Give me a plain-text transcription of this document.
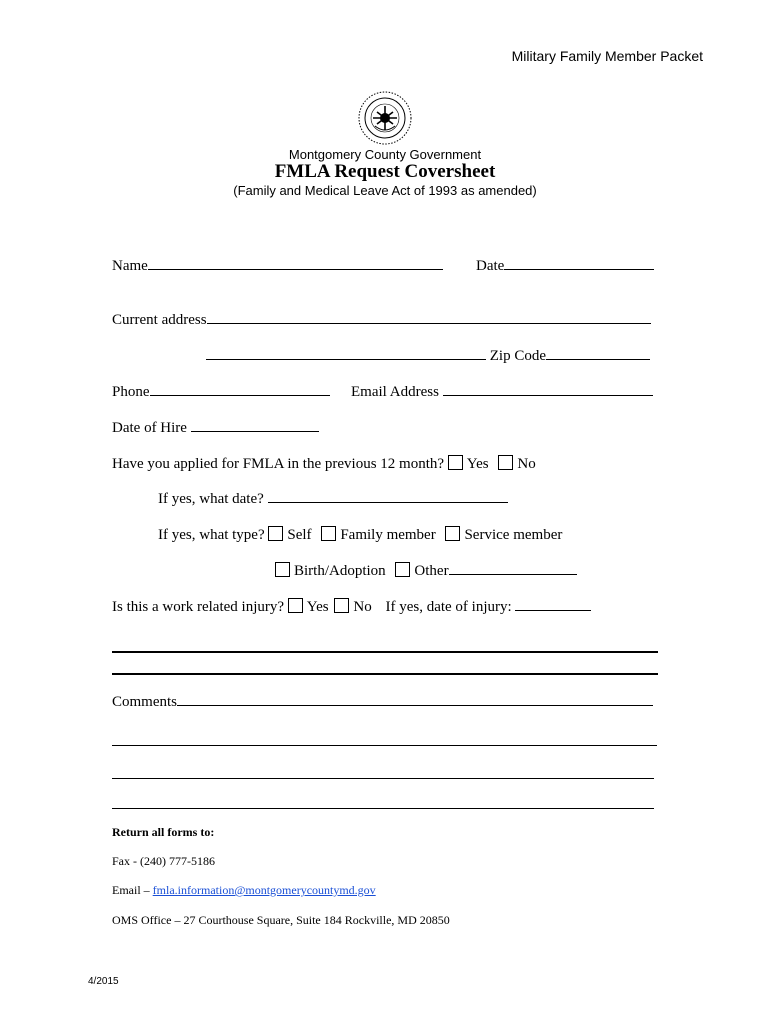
Military Family Member Packet
Montgomery County Government
FMLA Request Coversheet
(Family and Medical Leave Act of 1993 as amended)
Name	Date
Current address
Zip Code
Phone	Email Address
Date of Hire
Have you applied for FMLA in the previous 12 month? Yes No
If yes, what date?
If yes, what type? Self Family member Service member
Birth/Adoption Other
Is this a work related injury? Yes No If yes, date of injury:
Comments
Return all forms to:
Fax - (240) 777-5186
Email – fmla.information@montgomerycountymd.gov
OMS Office – 27 Courthouse Square, Suite 184 Rockville, MD 20850
4/2015
